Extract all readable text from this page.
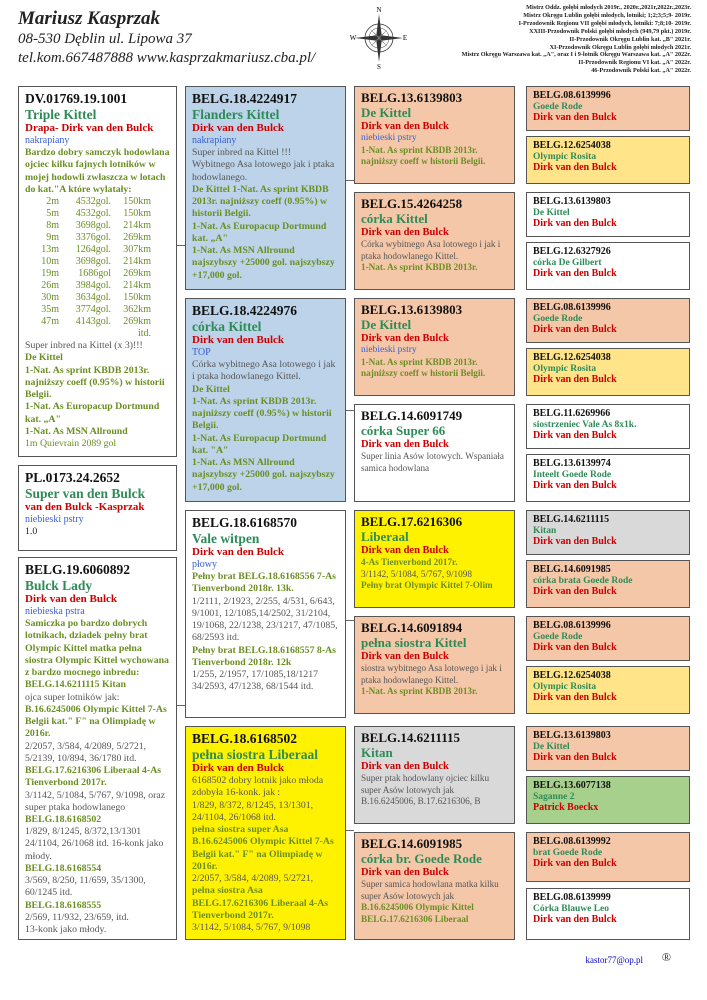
Mariusz Kasprzak
08-530 Dęblin ul. Lipowa 37
tel.kom.667487888 www.kasprzakmariusz.cba.pl/
N
S
E
W
Mistrz Oddz. gołębi młodych 2019r., 2020r.,2021r,2022r.,2023r.
Mistrz Okręgu Lublin gołębi młodych, lotniki; 1;2;3;5;9- 2019r.
I-Przodownik Regionu VII gołębi młodych, lotniki: 7;8;10- 2019r.
XXIII-Przodownik Polski gołębi młodych (949,79 pkt.) 2019r.
II-Przodownik Okręgu Lublin kat. „B" 2021r.
XI-Przodownik Okręgu Lublin gołębi młodych 2021r.
Mistrz Okręgu Warszawa kat. „A", oraz I i 9-lotnik Okręgu Warszawa kat. „A" 2022r.
II-Przodownik Regionu VI kat. „A" 2022r.
46-Przodownik Polski kat. „A" 2022r.
DV.01769.19.1001
Triple Kittel
Drapa- Dirk van den Bulck
nakrapiany
Bardzo dobry samczyk hodowlana ojciec kilku fajnych lotników w mojej hodowli zwłaszcza w lotach do kat."A które wylatały:
2m	4532gol.	150km
5m	4532gol.	150km
8m	3698gol.	214km
9m	3376gol.	269km
13m	1264gol.	307km
10m	3698gol.	214km
19m	1686gol	269km
26m	3984gol.	214km
30m	3634gol.	150km
35m	3774gol.	362km
47m	4143gol.	269km itd.
Super inbred na Kittel (x 3)!!!
De Kittel
1-Nat. As sprint KBDB 2013r. najniższy coeff (0.95%) w historii Belgii.
1-Nat. As Europacup Dortmund kat. „A"
1-Nat. As MSN Allround
1m Quievrain 2089 gol
PL.0173.24.2652
Super van den Bulck
van den Bulck -Kasprzak
niebieski pstry
1.0
BELG.19.6060892
Bulck Lady
Dirk van den Bulck
niebieska pstra
Samiczka po bardzo dobrych lotnikach, dziadek pełny brat Olympic Kittel matka pełna siostra Olympic Kittel wychowana z bardzo mocnego inbredu:
BELG.14.6211115 Kitan
ojca super lotników jak:
B.16.6245006 Olympic Kittel 7-As Belgii kat." F" na Olimpiadę w 2016r.
2/2057, 3/584, 4/2089, 5/2721, 5/2139, 10/894, 36/1780 itd.
BELG.17.6216306 Liberaal 4-As Tienverbond 2017r.
3/1142, 5/1084, 5/767, 9/1098, oraz super ptaka hodowlanego
BELG.18.6168502
1/829, 8/1245, 8/372,13/1301 24/1104, 26/1068 itd. 16-konk jako młody.
BELG.18.6168554
3/569, 8/250, 11/659, 35/1300, 60/1245 itd.
BELG.18.6168555
2/569, 11/932, 23/659, itd.
13-konk jako młody.
BELG.18.4224917
Flanders Kittel
Dirk van den Bulck
nakrapiany
Super inbred na Kittel !!!
Wybitnego Asa lotowego jak i ptaka hodowlanego.
De Kittel 1-Nat. As sprint KBDB 2013r. najniższy coeff (0.95%) w historii Belgii.
1-Nat. As Europacup Dortmund kat. „A"
1-Nat. As MSN Allround najszybszy +25000 gol. najszybszy +17,000 gol.
BELG.18.4224976
córka Kittel
Dirk van den Bulck
TOP
Córka wybitnego Asa lotowego i jak i ptaka hodowlanego Kittel.
De Kittel
1-Nat. As sprint KBDB 2013r. najniższy coeff (0.95%) w historii Belgii.
1-Nat. As Europacup Dortmund kat. "A"
1-Nat. As MSN Allround najszybszy +25000 gol. najszybszy +17,000 gol.
BELG.18.6168570
Vale witpen
Dirk van den Bulck
płowy
Pełny brat BELG.18.6168556 7-As Tienverbond 2018r. 13k.
1/2111, 2/1923, 2/255, 4/531, 6/643, 9/1001, 12/1085,14/2502, 31/2104, 19/1068, 22/1238, 23/1217, 47/1085, 68/2593 itd.
Pełny brat BELG.18.6168557 8-As Tienverbond 2018r. 12k
1/255, 2/1957, 17/1085,18/1217 34/2593, 47/1238, 68/1544 itd.
BELG.18.6168502
pełna siostra Liberaal
Dirk van den Bulck
6168502 dobry lotnik jako młoda zdobyła 16-konk. jak :
1/829, 8/372, 8/1245, 13/1301, 24/1104, 26/1068 itd.
pełna siostra super Asa B.16.6245006 Olympic Kittel 7-As Belgii kat." F" na Olimpiadę w 2016r.
2/2057, 3/584, 4/2089, 5/2721,
pełna siostra Asa BELG.17.6216306 Liberaal 4-As Tienverbond 2017r.
3/1142, 5/1084, 5/767, 9/1098
BELG.13.6139803
De Kittel
Dirk van den Bulck
niebieski pstry
1-Nat. As sprint KBDB 2013r. najniższy coeff w historii Belgii.
BELG.15.4264258
córka Kittel
Dirk van den Bulck
Córka wybitnego Asa lotowego i jak i ptaka hodowlanego Kittel.
1-Nat. As sprint KBDB 2013r.
BELG.13.6139803
De Kittel
Dirk van den Bulck
niebieski pstry
1-Nat. As sprint KBDB 2013r. najniższy coeff w historii Belgii.
BELG.14.6091749
córka Super 66
Dirk van den Bulck
Super linia Asów lotowych. Wspaniała samica hodowlana
BELG.17.6216306
Liberaal
Dirk van den Bulck
4-As Tienverbond 2017r.
3/1142, 5/1084, 5/767, 9/1098
Pełny brat Olympic Kittel 7-Olim
BELG.14.6091894
pełna siostra Kittel
Dirk van den Bulck
siostra wybitnego Asa lotowego i jak i ptaka hodowlanego Kittel.
1-Nat. As sprint KBDB 2013r.
BELG.14.6211115
Kitan
Dirk van den Bulck
Super ptak hodowlany ojciec kilku super Asów lotowych jak B.16.6245006, B.17.6216306, B
BELG.14.6091985
córka br. Goede Rode
Dirk van den Bulck
Super samica hodowlana matka kilku super Asów lotowych jak
B.16.6245006 Olympic Kittel
BELG.17.6216306 Liberaal
BELG.08.6139996
Goede Rode
Dirk van den Bulck
BELG.12.6254038
Olympic Rosita
Dirk van den Bulck
BELG.13.6139803
De Kittel
Dirk van den Bulck
BELG.12.6327926
córka De Gilbert
Dirk van den Bulck
BELG.08.6139996
Goede Rode
Dirk van den Bulck
BELG.12.6254038
Olympic Rosita
Dirk van den Bulck
BELG.11.6269966
siostrzeniec Vale As 8x1k.
Dirk van den Bulck
BELG.13.6139974
Inteelt Goede Rode
Dirk van den Bulck
BELG.14.6211115
Kitan
Dirk van den Bulck
BELG.14.6091985
córka brata Goede Rode
Dirk van den Bulck
BELG.08.6139996
Goede Rode
Dirk van den Bulck
BELG.12.6254038
Olympic Rosita
Dirk van den Bulck
BELG.13.6139803
De Kittel
Dirk van den Bulck
BELG.13.6077138
Saganne 2
Patrick Boeckx
BELG.08.6139992
brat Goede Rode
Dirk van den Bulck
BELG.08.6139999
Córka Blauwe Leo
Dirk van den Bulck
kastor77@op.pl ®
